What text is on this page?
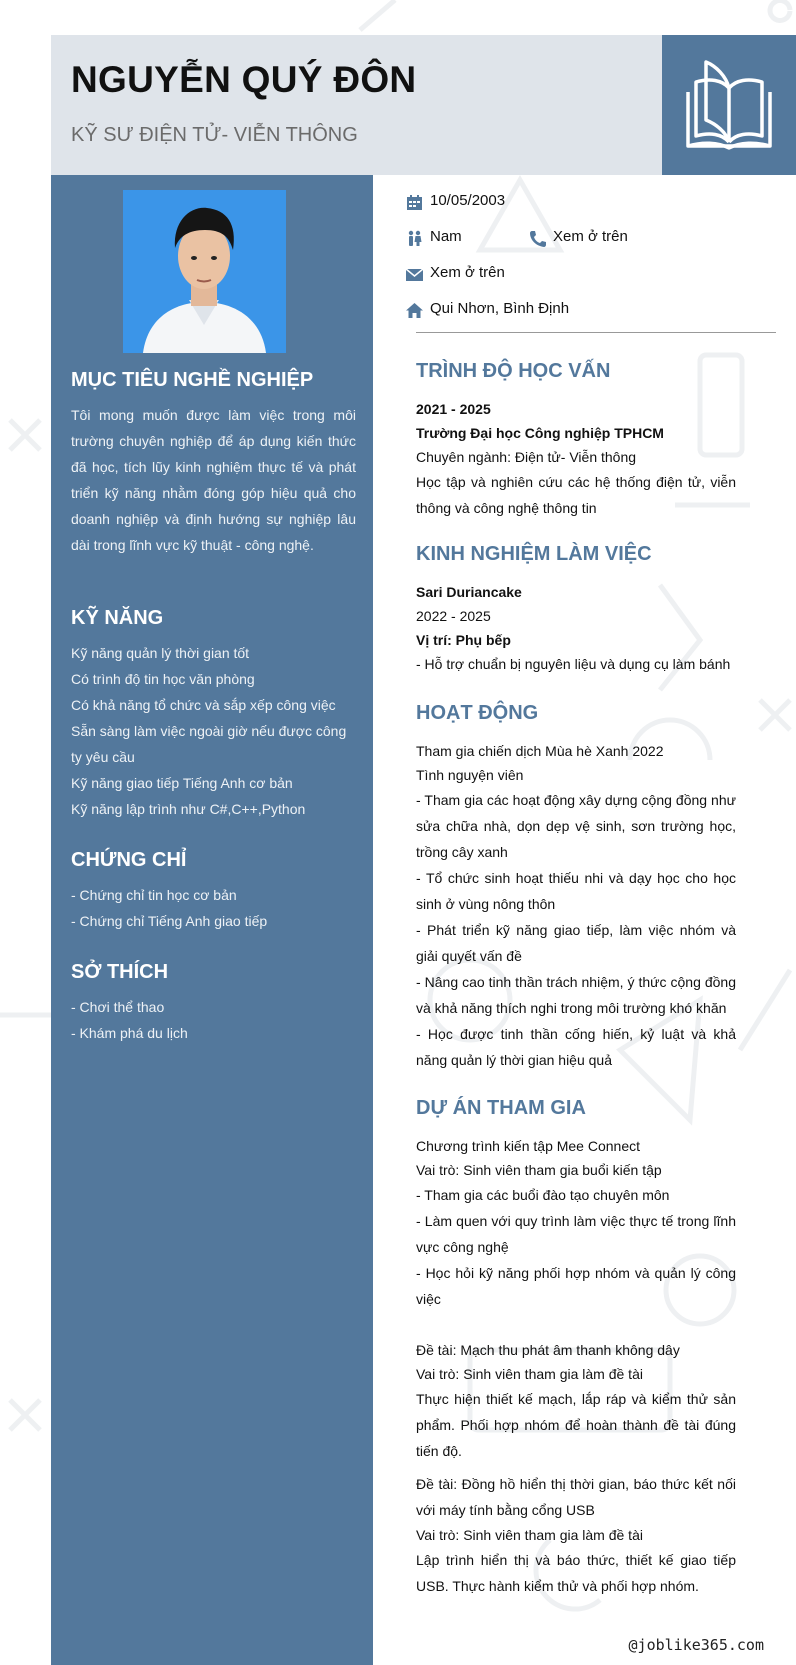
NGUYỄN QUÝ ĐÔN
KỸ SƯ ĐIỆN TỬ- VIỄN THÔNG
MỤC TIÊU NGHỀ NGHIỆP
Tôi mong muốn được làm việc trong môi trường chuyên nghiệp để áp dụng kiến thức đã học, tích lũy kinh nghiệm thực tế và phát triển kỹ năng nhằm đóng góp hiệu quả cho doanh nghiệp và định hướng sự nghiệp lâu dài trong lĩnh vực kỹ thuật - công nghệ.
KỸ NĂNG
Kỹ năng quản lý thời gian tốt
Có trình độ tin học văn phòng
Có khả năng tổ chức và sắp xếp công việc
Sẵn sàng làm việc ngoài giờ nếu được công ty yêu cầu
Kỹ năng giao tiếp Tiếng Anh cơ bản
Kỹ năng lập trình như C#,C++,Python
CHỨNG CHỈ
- Chứng chỉ tin học cơ bản
- Chứng chỉ Tiếng Anh giao tiếp
SỞ THÍCH
- Chơi thể thao
- Khám phá du lịch
10/05/2003
Nam	Xem ở trên
Xem ở trên
Qui Nhơn, Bình Định
TRÌNH ĐỘ HỌC VẤN
2021 - 2025
Trường Đại học Công nghiệp TPHCM
Chuyên ngành: Điện tử- Viễn thông
Học tập và nghiên cứu các hệ thống điện tử, viễn thông và công nghệ thông tin
KINH NGHIỆM LÀM VIỆC
Sari Duriancake
2022 - 2025
Vị trí: Phụ bếp
- Hỗ trợ chuẩn bị nguyên liệu và dụng cụ làm bánh
HOẠT ĐỘNG
Tham gia chiến dịch Mùa hè Xanh 2022
Tình nguyện viên
- Tham gia các hoạt động xây dựng cộng đồng như sửa chữa nhà, dọn dẹp vệ sinh, sơn trường học, trồng cây xanh
- Tổ chức sinh hoạt thiếu nhi và dạy học cho học sinh ở vùng nông thôn
- Phát triển kỹ năng giao tiếp, làm việc nhóm và giải quyết vấn đề
- Nâng cao tinh thần trách nhiệm, ý thức cộng đồng và khả năng thích nghi trong môi trường khó khăn
- Học được tinh thần cống hiến, kỷ luật và khả năng quản lý thời gian hiệu quả
DỰ ÁN THAM GIA
Chương trình kiến tập Mee Connect
Vai trò: Sinh viên tham gia buổi kiến tập
- Tham gia các buổi đào tạo chuyên môn
- Làm quen với quy trình làm việc thực tế trong lĩnh vực công nghệ
- Học hỏi kỹ năng phối hợp nhóm và quản lý công việc
Đề tài: Mạch thu phát âm thanh không dây
Vai trò: Sinh viên tham gia làm đề tài
Thực hiện thiết kế mạch, lắp ráp và kiểm thử sản phẩm. Phối hợp nhóm để hoàn thành đề tài đúng tiến độ.
Đề tài: Đồng hồ hiển thị thời gian, báo thức kết nối với máy tính bằng cổng USB
Vai trò: Sinh viên tham gia làm đề tài
Lập trình hiển thị và báo thức, thiết kế giao tiếp USB. Thực hành kiểm thử và phối hợp nhóm.
@joblike365.com
